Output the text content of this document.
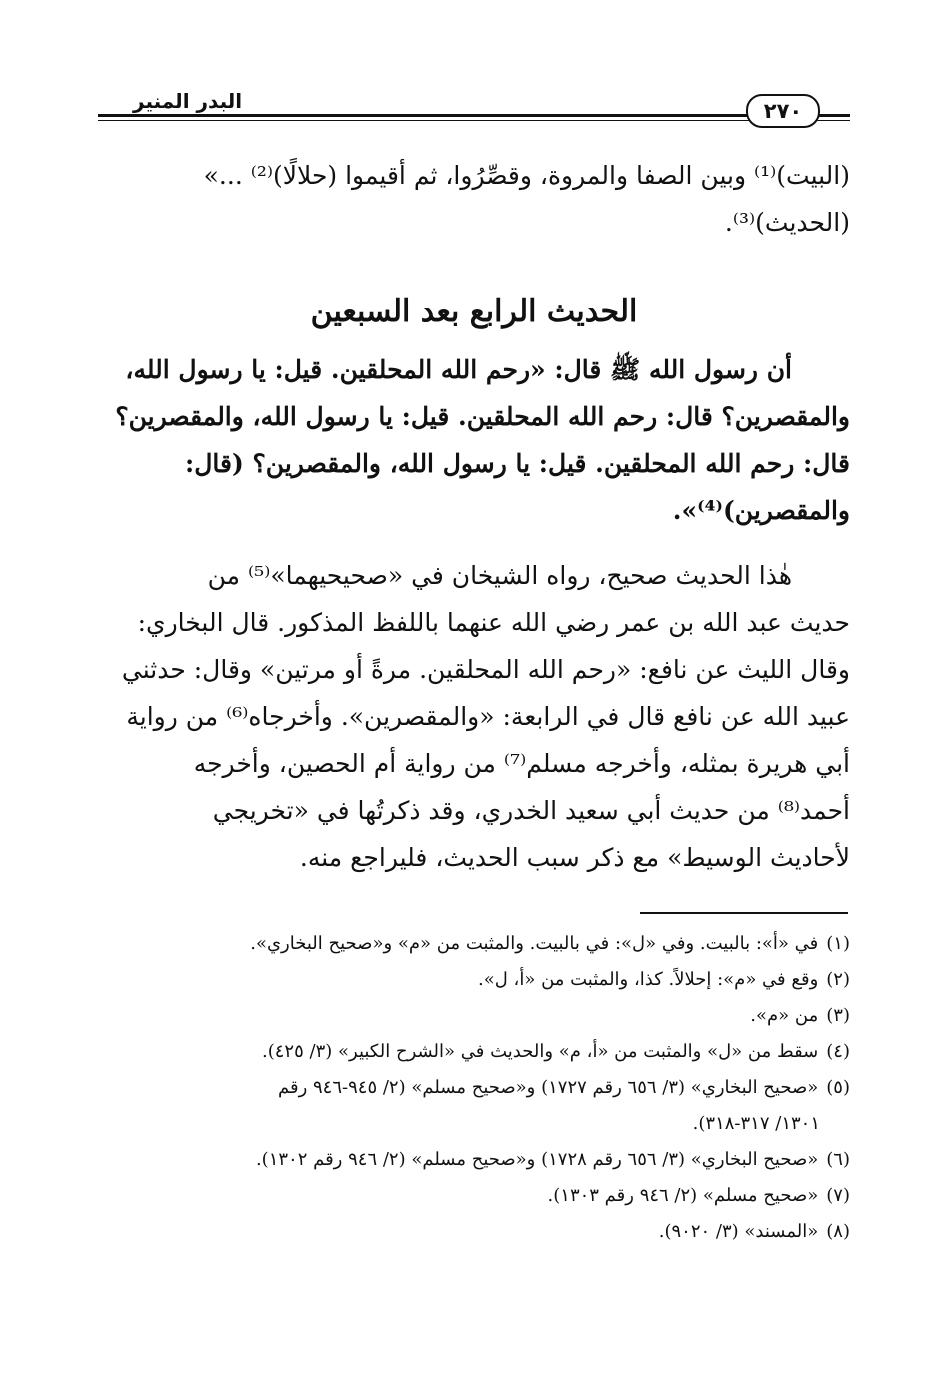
البدر المنير	٢٧٠
(البيت)⁽¹⁾ وبين الصفا والمروة، وقصِّرُوا، ثم أقيموا (حلالًا)⁽²⁾ ...»
(الحديث)⁽³⁾.
الحديث الرابع بعد السبعين
أن رسول الله ﷺ قال: «رحم الله المحلقين. قيل: يا رسول الله،
والمقصرين؟ قال: رحم الله المحلقين. قيل: يا رسول الله، والمقصرين؟
قال: رحم الله المحلقين. قيل: يا رسول الله، والمقصرين؟ (قال:
والمقصرين)⁽⁴⁾».
هٰذا الحديث صحيح، رواه الشيخان في «صحيحيهما»⁽⁵⁾ من
حديث عبد الله بن عمر رضي الله عنهما باللفظ المذكور. قال البخاري:
وقال الليث عن نافع: «رحم الله المحلقين. مرةً أو مرتين» وقال: حدثني
عبيد الله عن نافع قال في الرابعة: «والمقصرين». وأخرجاه⁽⁶⁾ من رواية
أبي هريرة بمثله، وأخرجه مسلم⁽⁷⁾ من رواية أم الحصين، وأخرجه
أحمد⁽⁸⁾ من حديث أبي سعيد الخدري، وقد ذكرتُها في «تخريجي
لأحاديث الوسيط» مع ذكر سبب الحديث، فليراجع منه.
(١)في «أ»: بالبيت. وفي «ل»: في بالبيت. والمثبت من «م» و«صحيح البخاري».
(٢)وقع في «م»: إحلالاً. كذا، والمثبت من «أ، ل».
(٣)من «م».
(٤)سقط من «ل» والمثبت من «أ، م» والحديث في «الشرح الكبير» (٣/ ٤٢٥).
(٥)«صحيح البخاري» (٣/ ٦٥٦ رقم ١٧٢٧) و«صحيح مسلم» (٢/ ٩٤٥-٩٤٦ رقم
١٣٠١/ ٣١٧-٣١٨).
(٦)«صحيح البخاري» (٣/ ٦٥٦ رقم ١٧٢٨) و«صحيح مسلم» (٢/ ٩٤٦ رقم ١٣٠٢).
(٧)«صحيح مسلم» (٢/ ٩٤٦ رقم ١٣٠٣).
(٨)«المسند» (٣/ ٩٠٢٠).
